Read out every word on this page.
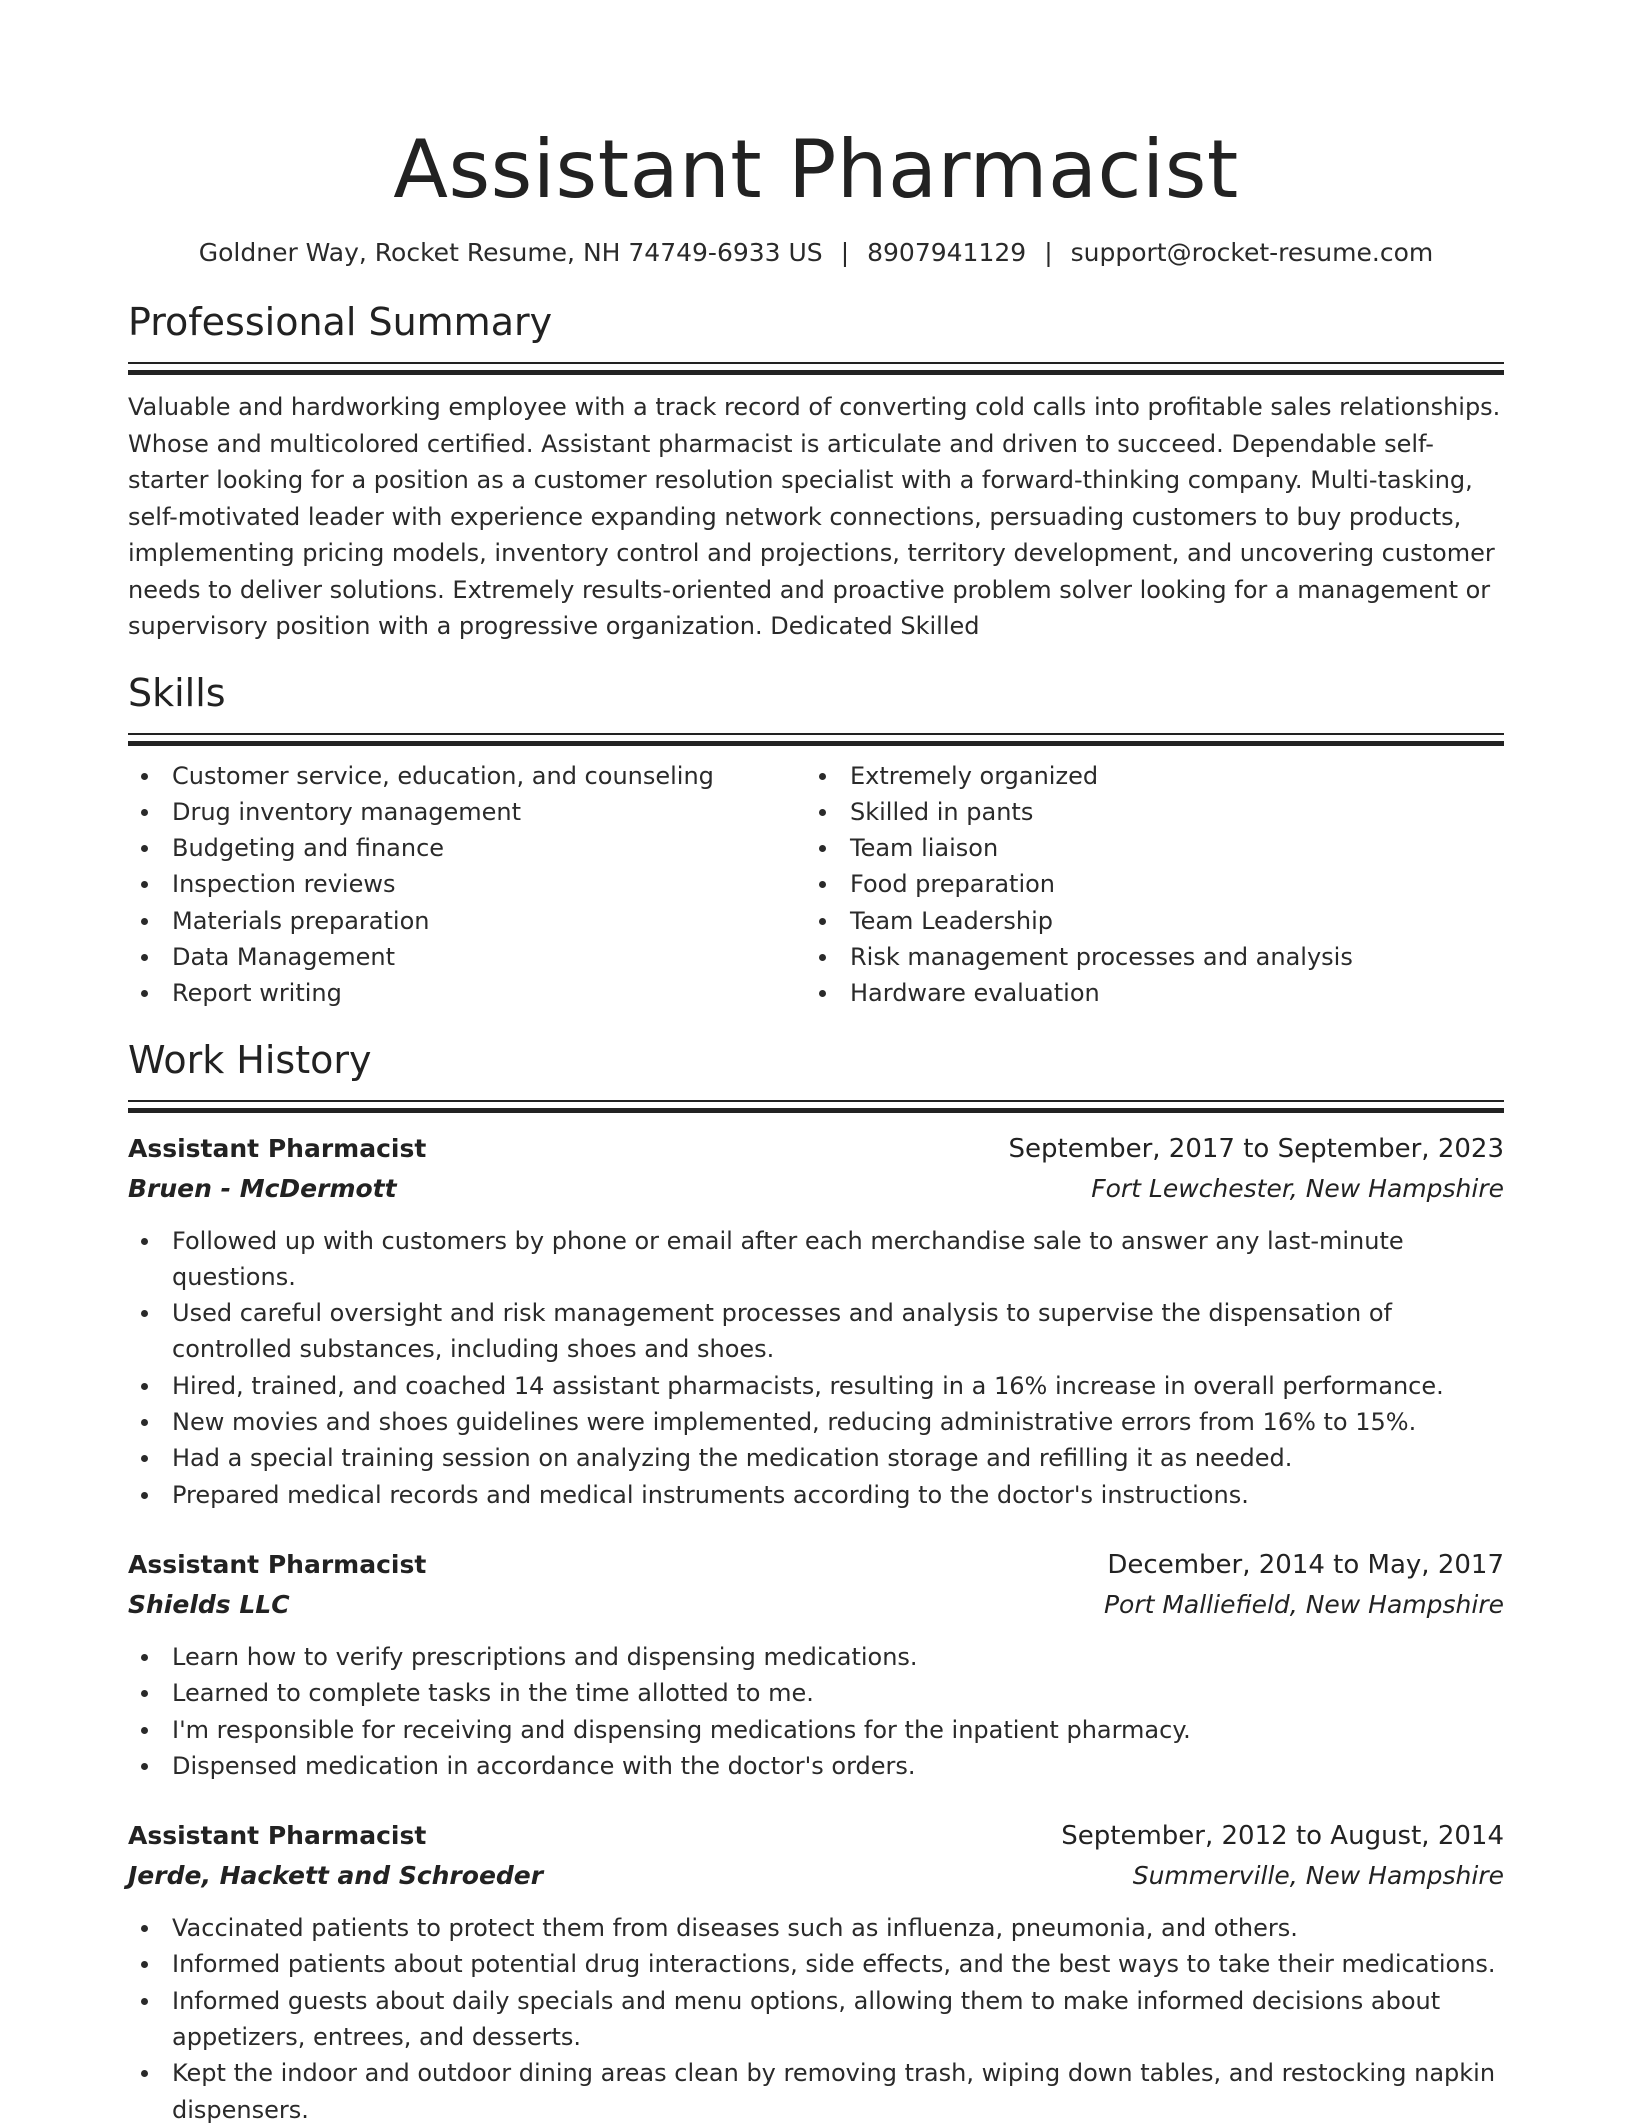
Assistant Pharmacist
Goldner Way, Rocket Resume, NH 74749-6933 US | 8907941129 | support@rocket-resume.com
Professional Summary

Valuable and hardworking employee with a track record of converting cold calls into profitable sales relationships. Whose and multicolored certified. Assistant pharmacist is articulate and driven to succeed. Dependable self-starter looking for a position as a customer resolution specialist with a forward-thinking company. Multi-tasking, self-motivated leader with experience expanding network connections, persuading customers to buy products, implementing pricing models, inventory control and projections, territory development, and uncovering customer needs to deliver solutions. Extremely results-oriented and proactive problem solver looking for a management or supervisory position with a progressive organization. Dedicated Skilled

Skills
Customer service, education, and counseling
Drug inventory management
Budgeting and finance
Inspection reviews
Materials preparation
Data Management
Report writing
Extremely organized
Skilled in pants
Team liaison
Food preparation
Team Leadership
Risk management processes and analysis
Hardware evaluation
Work History
Assistant Pharmacist	September, 2017 to September, 2023
Bruen - McDermott	Fort Lewchester, New Hampshire
Followed up with customers by phone or email after each merchandise sale to answer any last-minute questions.
Used careful oversight and risk management processes and analysis to supervise the dispensation of controlled substances, including shoes and shoes.
Hired, trained, and coached 14 assistant pharmacists, resulting in a 16% increase in overall performance.
New movies and shoes guidelines were implemented, reducing administrative errors from 16% to 15%.
Had a special training session on analyzing the medication storage and refilling it as needed.
Prepared medical records and medical instruments according to the doctor's instructions.
Assistant Pharmacist	December, 2014 to May, 2017
Shields LLC	Port Malliefield, New Hampshire
Learn how to verify prescriptions and dispensing medications.
Learned to complete tasks in the time allotted to me.
I'm responsible for receiving and dispensing medications for the inpatient pharmacy.
Dispensed medication in accordance with the doctor's orders.
Assistant Pharmacist	September, 2012 to August, 2014
Jerde, Hackett and Schroeder	Summerville, New Hampshire
Vaccinated patients to protect them from diseases such as influenza, pneumonia, and others.
Informed patients about potential drug interactions, side effects, and the best ways to take their medications.
Informed guests about daily specials and menu options, allowing them to make informed decisions about appetizers, entrees, and desserts.
Kept the indoor and outdoor dining areas clean by removing trash, wiping down tables, and restocking napkin dispensers.
